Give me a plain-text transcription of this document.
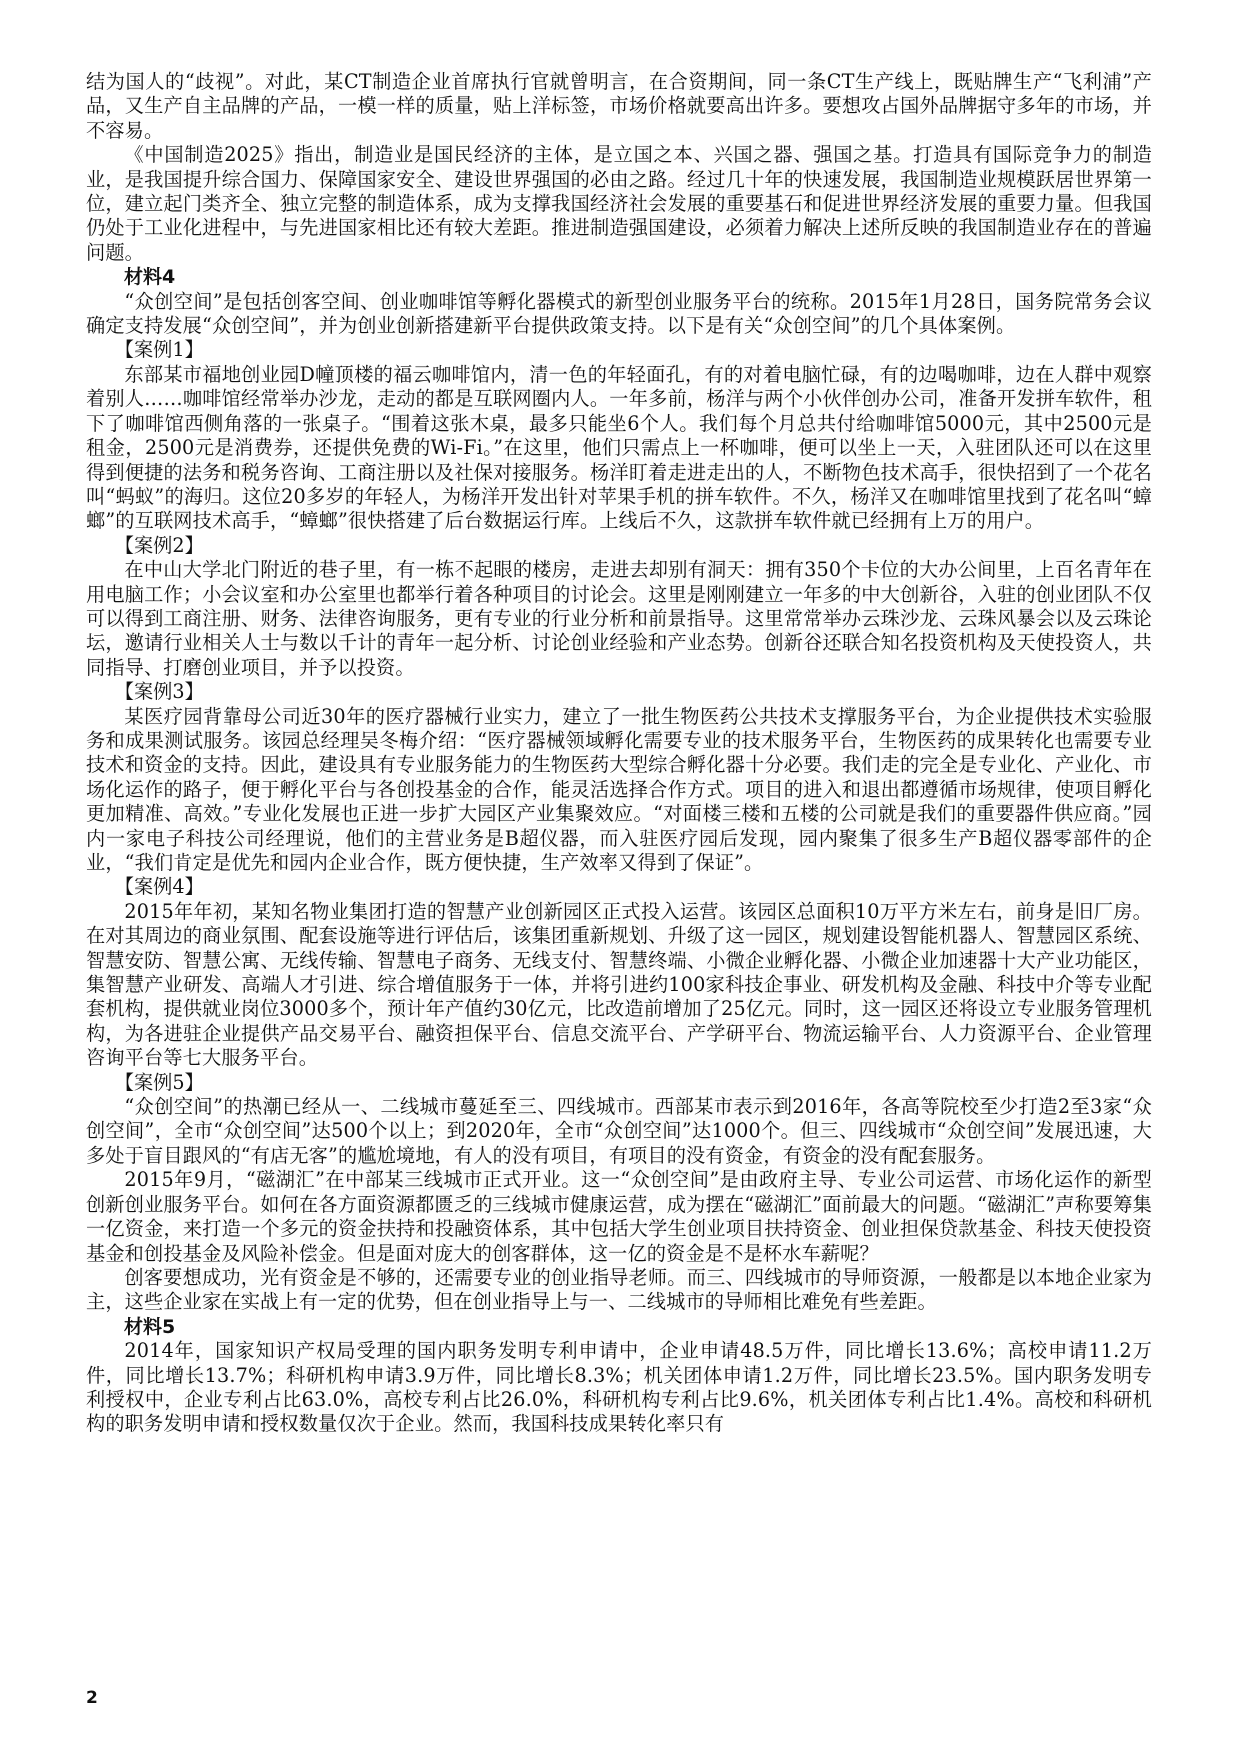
结为国人的“歧视”。对此，某CT制造企业首席执行官就曾明言，在合资期间，同一条CT生产线上，既贴牌生产“飞利浦”产品，又生产自主品牌的产品，一模一样的质量，贴上洋标签，市场价格就要高出许多。要想攻占国外品牌据守多年的市场，并不容易。

《中国制造2025》指出，制造业是国民经济的主体，是立国之本、兴国之器、强国之基。打造具有国际竞争力的制造业，是我国提升综合国力、保障国家安全、建设世界强国的必由之路。经过几十年的快速发展，我国制造业规模跃居世界第一位，建立起门类齐全、独立完整的制造体系，成为支撑我国经济社会发展的重要基石和促进世界经济发展的重要力量。但我国仍处于工业化进程中，与先进国家相比还有较大差距。推进制造强国建设，必须着力解决上述所反映的我国制造业存在的普遍问题。

材料4

“众创空间”是包括创客空间、创业咖啡馆等孵化器模式的新型创业服务平台的统称。2015年1月28日，国务院常务会议确定支持发展“众创空间”，并为创业创新搭建新平台提供政策支持。以下是有关“众创空间”的几个具体案例。

【案例1】

东部某市福地创业园D幢顶楼的福云咖啡馆内，清一色的年轻面孔，有的对着电脑忙碌，有的边喝咖啡，边在人群中观察着别人……咖啡馆经常举办沙龙，走动的都是互联网圈内人。一年多前，杨洋与两个小伙伴创办公司，准备开发拼车软件，租下了咖啡馆西侧角落的一张桌子。“围着这张木桌，最多只能坐6个人。我们每个月总共付给咖啡馆5000元，其中2500元是租金，2500元是消费券，还提供免费的Wi-Fi。”在这里，他们只需点上一杯咖啡，便可以坐上一天，入驻团队还可以在这里得到便捷的法务和税务咨询、工商注册以及社保对接服务。杨洋盯着走进走出的人，不断物色技术高手，很快招到了一个花名叫“蚂蚁”的海归。这位20多岁的年轻人，为杨洋开发出针对苹果手机的拼车软件。不久，杨洋又在咖啡馆里找到了花名叫“蟑螂”的互联网技术高手，“蟑螂”很快搭建了后台数据运行库。上线后不久，这款拼车软件就已经拥有上万的用户。

【案例2】

在中山大学北门附近的巷子里，有一栋不起眼的楼房，走进去却别有洞天：拥有350个卡位的大办公间里，上百名青年在用电脑工作；小会议室和办公室里也都举行着各种项目的讨论会。这里是刚刚建立一年多的中大创新谷，入驻的创业团队不仅可以得到工商注册、财务、法律咨询服务，更有专业的行业分析和前景指导。这里常常举办云珠沙龙、云珠风暴会以及云珠论坛，邀请行业相关人士与数以千计的青年一起分析、讨论创业经验和产业态势。创新谷还联合知名投资机构及天使投资人，共同指导、打磨创业项目，并予以投资。

【案例3】

某医疗园背靠母公司近30年的医疗器械行业实力，建立了一批生物医药公共技术支撑服务平台，为企业提供技术实验服务和成果测试服务。该园总经理吴冬梅介绍：“医疗器械领域孵化需要专业的技术服务平台，生物医药的成果转化也需要专业技术和资金的支持。因此，建设具有专业服务能力的生物医药大型综合孵化器十分必要。我们走的完全是专业化、产业化、市场化运作的路子，便于孵化平台与各创投基金的合作，能灵活选择合作方式。项目的进入和退出都遵循市场规律，使项目孵化更加精准、高效。”专业化发展也正进一步扩大园区产业集聚效应。“对面楼三楼和五楼的公司就是我们的重要器件供应商。”园内一家电子科技公司经理说，他们的主营业务是B超仪器，而入驻医疗园后发现，园内聚集了很多生产B超仪器零部件的企业，“我们肯定是优先和园内企业合作，既方便快捷，生产效率又得到了保证”。

【案例4】

2015年年初，某知名物业集团打造的智慧产业创新园区正式投入运营。该园区总面积10万平方米左右，前身是旧厂房。在对其周边的商业氛围、配套设施等进行评估后，该集团重新规划、升级了这一园区，规划建设智能机器人、智慧园区系统、智慧安防、智慧公寓、无线传输、智慧电子商务、无线支付、智慧终端、小微企业孵化器、小微企业加速器十大产业功能区，集智慧产业研发、高端人才引进、综合增值服务于一体，并将引进约100家科技企事业、研发机构及金融、科技中介等专业配套机构，提供就业岗位3000多个，预计年产值约30亿元，比改造前增加了25亿元。同时，这一园区还将设立专业服务管理机构，为各进驻企业提供产品交易平台、融资担保平台、信息交流平台、产学研平台、物流运输平台、人力资源平台、企业管理咨询平台等七大服务平台。

【案例5】

“众创空间”的热潮已经从一、二线城市蔓延至三、四线城市。西部某市表示到2016年，各高等院校至少打造2至3家“众创空间”，全市“众创空间”达500个以上；到2020年，全市“众创空间”达1000个。但三、四线城市“众创空间”发展迅速，大多处于盲目跟风的“有店无客”的尴尬境地，有人的没有项目，有项目的没有资金，有资金的没有配套服务。

2015年9月，“磁湖汇”在中部某三线城市正式开业。这一“众创空间”是由政府主导、专业公司运营、市场化运作的新型创新创业服务平台。如何在各方面资源都匮乏的三线城市健康运营，成为摆在“磁湖汇”面前最大的问题。“磁湖汇”声称要筹集一亿资金，来打造一个多元的资金扶持和投融资体系，其中包括大学生创业项目扶持资金、创业担保贷款基金、科技天使投资基金和创投基金及风险补偿金。但是面对庞大的创客群体，这一亿的资金是不是杯水车薪呢？

创客要想成功，光有资金是不够的，还需要专业的创业指导老师。而三、四线城市的导师资源，一般都是以本地企业家为主，这些企业家在实战上有一定的优势，但在创业指导上与一、二线城市的导师相比难免有些差距。

材料5

2014年，国家知识产权局受理的国内职务发明专利申请中，企业申请48.5万件，同比增长13.6%；高校申请11.2万件，同比增长13.7%；科研机构申请3.9万件，同比增长8.3%；机关团体申请1.2万件，同比增长23.5%。国内职务发明专利授权中，企业专利占比63.0%，高校专利占比26.0%，科研机构专利占比9.6%，机关团体专利占比1.4%。高校和科研机构的职务发明申请和授权数量仅次于企业。然而，我国科技成果转化率只有

2
